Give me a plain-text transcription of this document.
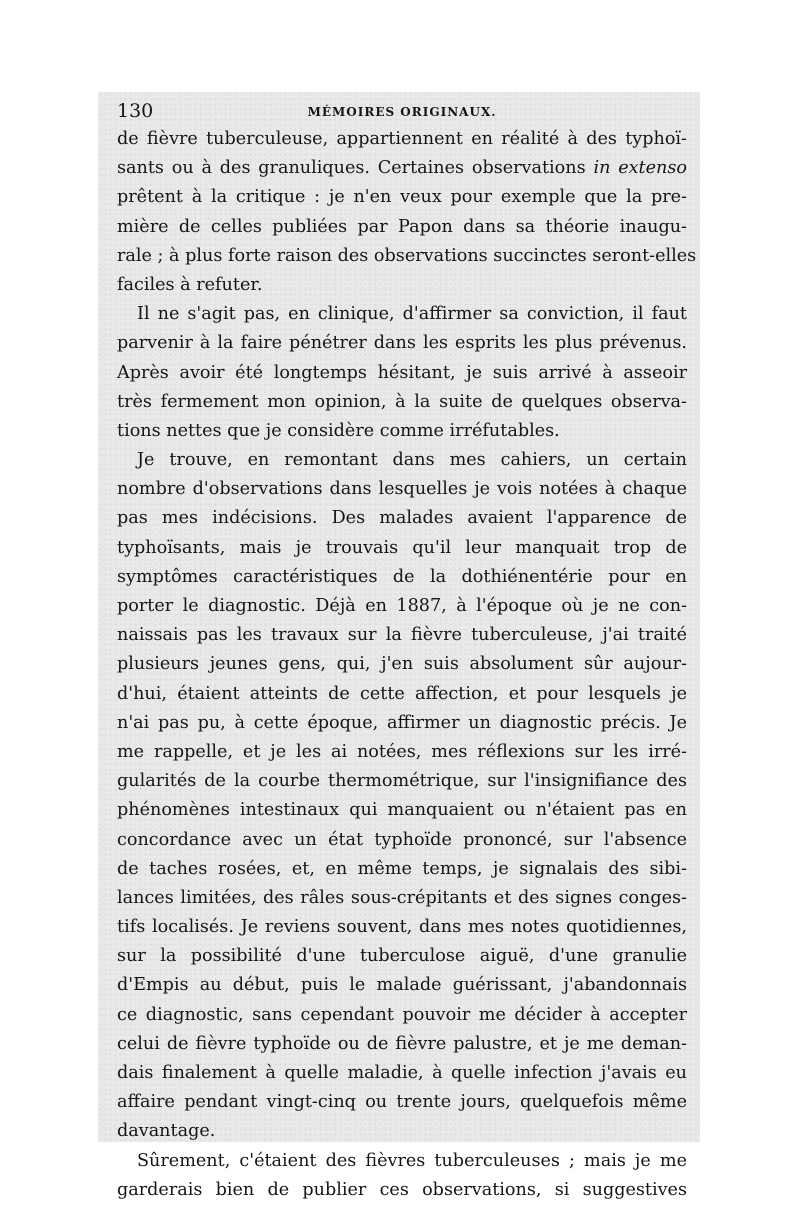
130	MÉMOIRES ORIGINAUX.

de fièvre tuberculeuse, appartiennent en réalité à des typhoï-
sants ou à des granuliques. Certaines observations in extenso
prêtent à la critique : je n'en veux pour exemple que la pre-
mière de celles publiées par Papon dans sa théorie inaugu-
rale ; à plus forte raison des observations succinctes seront-elles
faciles à refuter.

Il ne s'agit pas, en clinique, d'affirmer sa conviction, il faut
parvenir à la faire pénétrer dans les esprits les plus prévenus.
Après avoir été longtemps hésitant, je suis arrivé à asseoir
très fermement mon opinion, à la suite de quelques observa-
tions nettes que je considère comme irréfutables.

Je trouve, en remontant dans mes cahiers, un certain
nombre d'observations dans lesquelles je vois notées à chaque
pas mes indécisions. Des malades avaient l'apparence de
typhoïsants, mais je trouvais qu'il leur manquait trop de
symptômes caractéristiques de la dothiénentérie pour en
porter le diagnostic. Déjà en 1887, à l'époque où je ne con-
naissais pas les travaux sur la fièvre tuberculeuse, j'ai traité
plusieurs jeunes gens, qui, j'en suis absolument sûr aujour-
d'hui, étaient atteints de cette affection, et pour lesquels je
n'ai pas pu, à cette époque, affirmer un diagnostic précis. Je
me rappelle, et je les ai notées, mes réflexions sur les irré-
gularités de la courbe thermométrique, sur l'insignifiance des
phénomènes intestinaux qui manquaient ou n'étaient pas en
concordance avec un état typhoïde prononcé, sur l'absence
de taches rosées, et, en même temps, je signalais des sibi-
lances limitées, des râles sous-crépitants et des signes conges-
tifs localisés. Je reviens souvent, dans mes notes quotidiennes,
sur la possibilité d'une tuberculose aiguë, d'une granulie
d'Empis au début, puis le malade guérissant, j'abandonnais
ce diagnostic, sans cependant pouvoir me décider à accepter
celui de fièvre typhoïde ou de fièvre palustre, et je me deman-
dais finalement à quelle maladie, à quelle infection j'avais eu
affaire pendant vingt-cinq ou trente jours, quelquefois même
davantage.

Sûrement, c'étaient des fièvres tuberculeuses ; mais je me
garderais bien de publier ces observations, si suggestives
